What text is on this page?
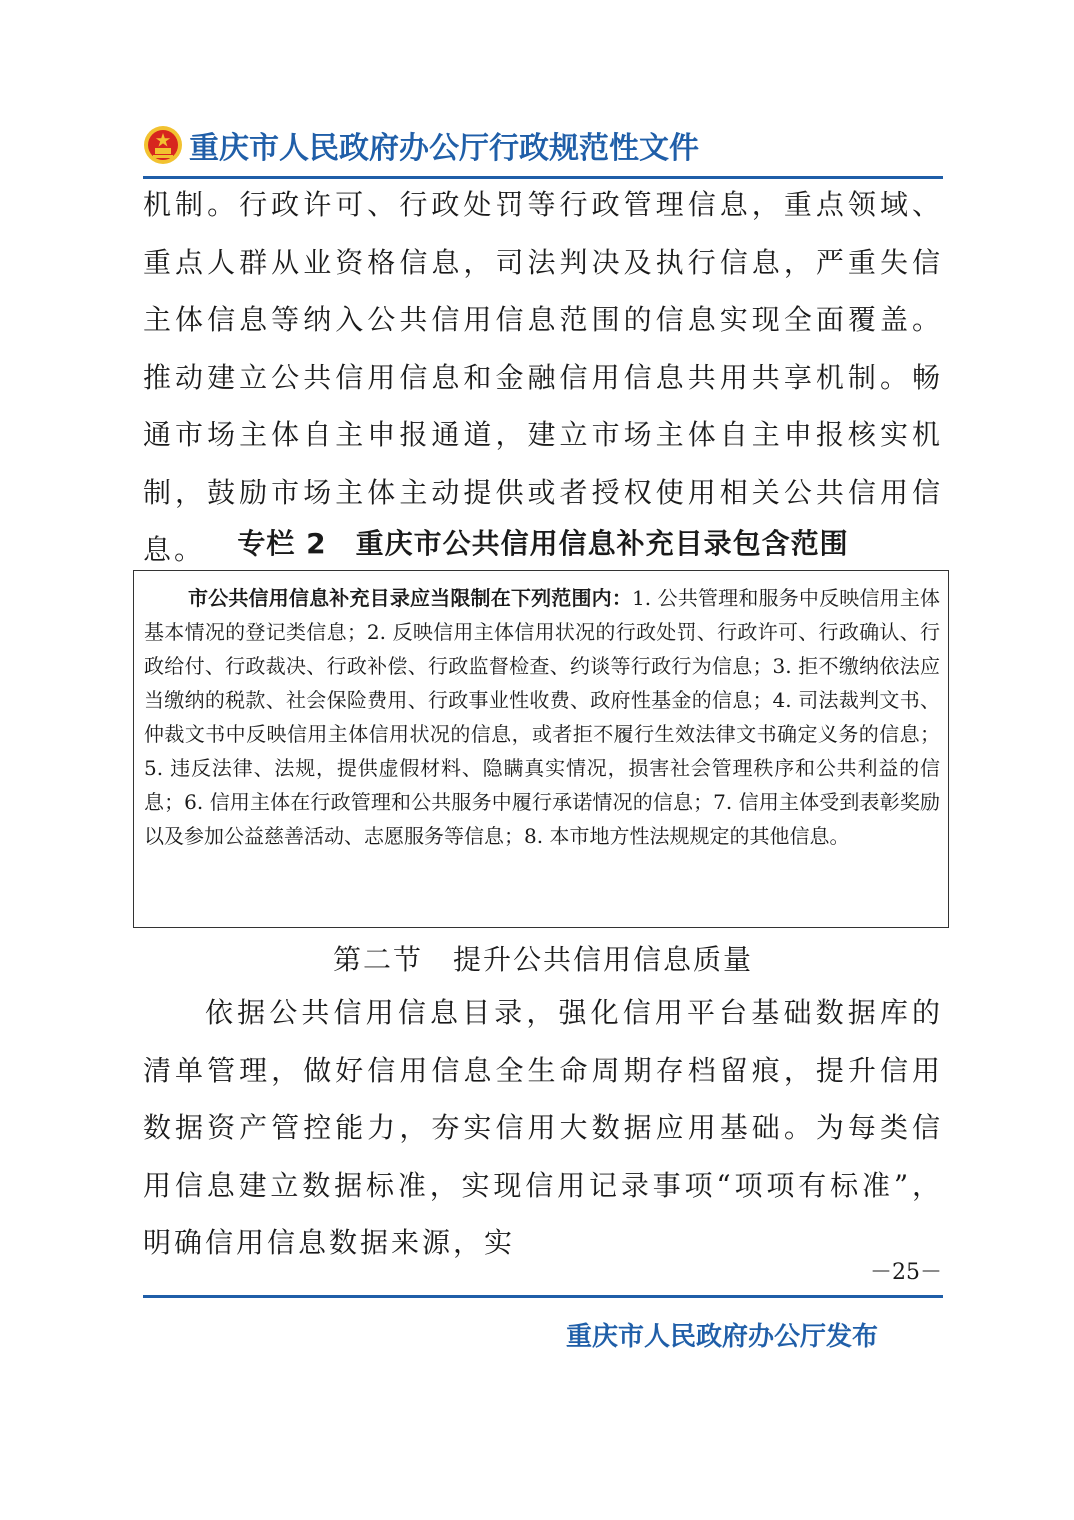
重庆市人民政府办公厅行政规范性文件

机制。行政许可、行政处罚等行政管理信息，重点领域、重点人群从业资格信息，司法判决及执行信息，严重失信主体信息等纳入公共信用信息范围的信息实现全面覆盖。推动建立公共信用信息和金融信用信息共用共享机制。畅通市场主体自主申报通道，建立市场主体自主申报核实机制，鼓励市场主体主动提供或者授权使用相关公共信用信息。	专栏 2　重庆市公共信用信息补充目录包含范围

市公共信用信息补充目录应当限制在下列范围内：1. 公共管理和服务中反映信用主体基本情况的登记类信息；2. 反映信用主体信用状况的行政处罚、行政许可、行政确认、行政给付、行政裁决、行政补偿、行政监督检查、约谈等行政行为信息；3. 拒不缴纳依法应当缴纳的税款、社会保险费用、行政事业性收费、政府性基金的信息；4. 司法裁判文书、仲裁文书中反映信用主体信用状况的信息，或者拒不履行生效法律文书确定义务的信息；5. 违反法律、法规，提供虚假材料、隐瞒真实情况，损害社会管理秩序和公共利益的信息；6. 信用主体在行政管理和公共服务中履行承诺情况的信息；7. 信用主体受到表彰奖励以及参加公益慈善活动、志愿服务等信息；8. 本市地方性法规规定的其他信息。

第二节　提升公共信用信息质量

依据公共信用信息目录，强化信用平台基础数据库的清单管理，做好信用信息全生命周期存档留痕，提升信用数据资产管控能力，夯实信用大数据应用基础。为每类信用信息建立数据标准，实现信用记录事项“项项有标准”，明确信用信息数据来源，实

－25－
重庆市人民政府办公厅发布
